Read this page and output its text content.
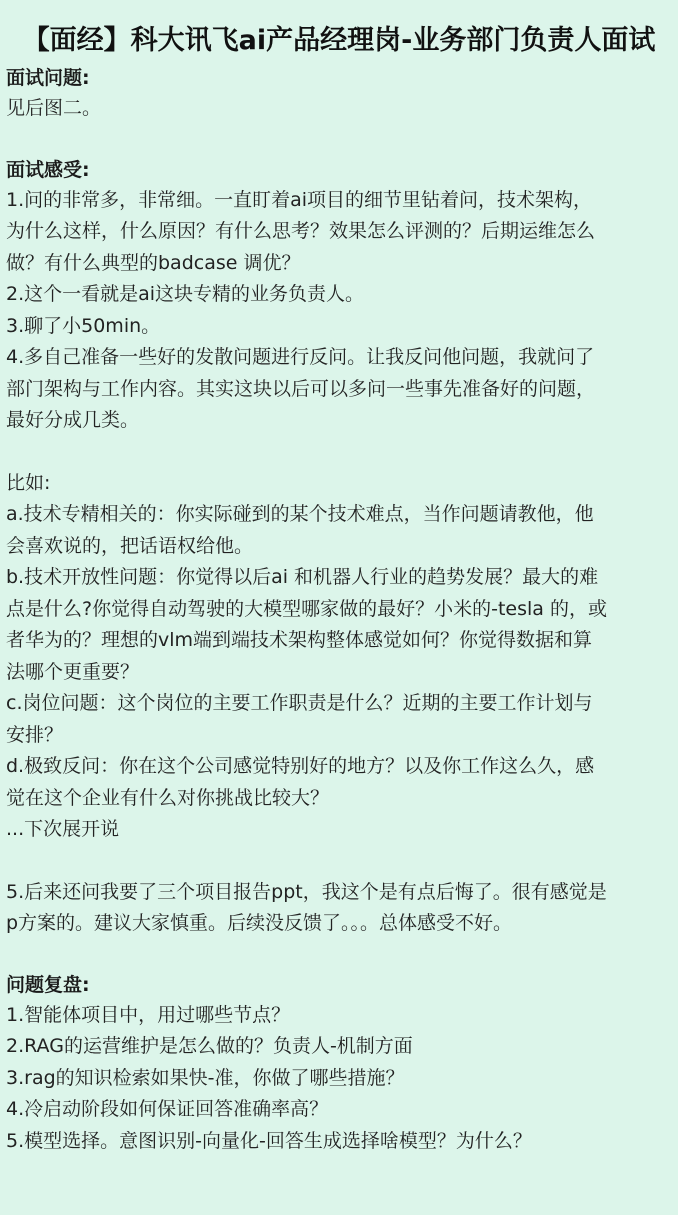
【面经】科大讯飞ai产品经理岗-业务部门负责人面试
面试问题:
见后图二。
面试感受:
1.问的非常多，非常细。一直盯着ai项目的细节里钻着问，技术架构，
为什么这样，什么原因？有什么思考？效果怎么评测的？后期运维怎么
做？有什么典型的badcase 调优？
2.这个一看就是ai这块专精的业务负责人。
3.聊了小50min。
4.多自己准备一些好的发散问题进行反问。让我反问他问题，我就问了
部门架构与工作内容。其实这块以后可以多问一些事先准备好的问题，
最好分成几类。
比如:
a.技术专精相关的：你实际碰到的某个技术难点，当作问题请教他，他
会喜欢说的，把话语权给他。
b.技术开放性问题：你觉得以后ai 和机器人行业的趋势发展？最大的难
点是什么?你觉得自动驾驶的大模型哪家做的最好？小米的-tesla 的，或
者华为的？理想的vlm端到端技术架构整体感觉如何？你觉得数据和算
法哪个更重要？
c.岗位问题：这个岗位的主要工作职责是什么？近期的主要工作计划与
安排？
d.极致反问：你在这个公司感觉特别好的地方？以及你工作这么久，感
觉在这个企业有什么对你挑战比较大？
...下次展开说
5.后来还问我要了三个项目报告ppt，我这个是有点后悔了。很有感觉是
p方案的。建议大家慎重。后续没反馈了。。。总体感受不好。
问题复盘:
1.智能体项目中，用过哪些节点？
2.RAG的运营维护是怎么做的？负责人-机制方面
3.rag的知识检索如果快-准，你做了哪些措施？
4.冷启动阶段如何保证回答准确率高？
5.模型选择。意图识别-向量化-回答生成选择啥模型？为什么？
